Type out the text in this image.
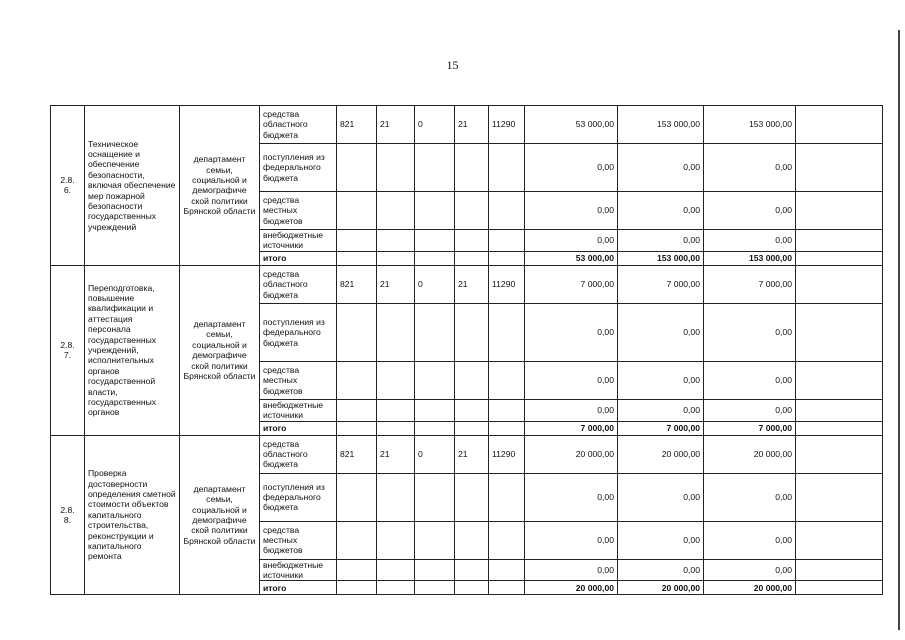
15
2.8.
6.	Техническое оснащение и обеспечение безопасности, включая обеспечение мер пожарной безопасности государственных учреждений	департамент семьи, социальной и демографиче ской политики Брянской области	средства областного бюджета	821	21	0	21	11290	53 000,00	153 000,00	153 000,00	
			поступления из федерального бюджета						0,00	0,00	0,00	
			средства местных бюджетов						0,00	0,00	0,00	
			внебюджетные источники						0,00	0,00	0,00	
			итого						53 000,00	153 000,00	153 000,00	
2.8.
7.	Переподготовка, повышение квалификации и аттестация персонала государственных учреждений, исполнительных органов государственной власти, государственных органов	департамент семьи, социальной и демографиче ской политики Брянской области	средства областного бюджета	821	21	0	21	11290	7 000,00	7 000,00	7 000,00	
			поступления из федерального бюджета						0,00	0,00	0,00	
			средства местных бюджетов						0,00	0,00	0,00	
			внебюджетные источники						0,00	0,00	0,00	
			итого						7 000,00	7 000,00	7 000,00	
2.8.
8.	Проверка достоверности определения сметной стоимости объектов капитального строительства, реконструкции и капитального ремонта	департамент семьи, социальной и демографиче ской политики Брянской области	средства областного бюджета	821	21	0	21	11290	20 000,00	20 000,00	20 000,00	
			поступления из федерального бюджета						0,00	0,00	0,00	
			средства местных бюджетов						0,00	0,00	0,00	
			внебюджетные источники						0,00	0,00	0,00	
			итого						20 000,00	20 000,00	20 000,00	
